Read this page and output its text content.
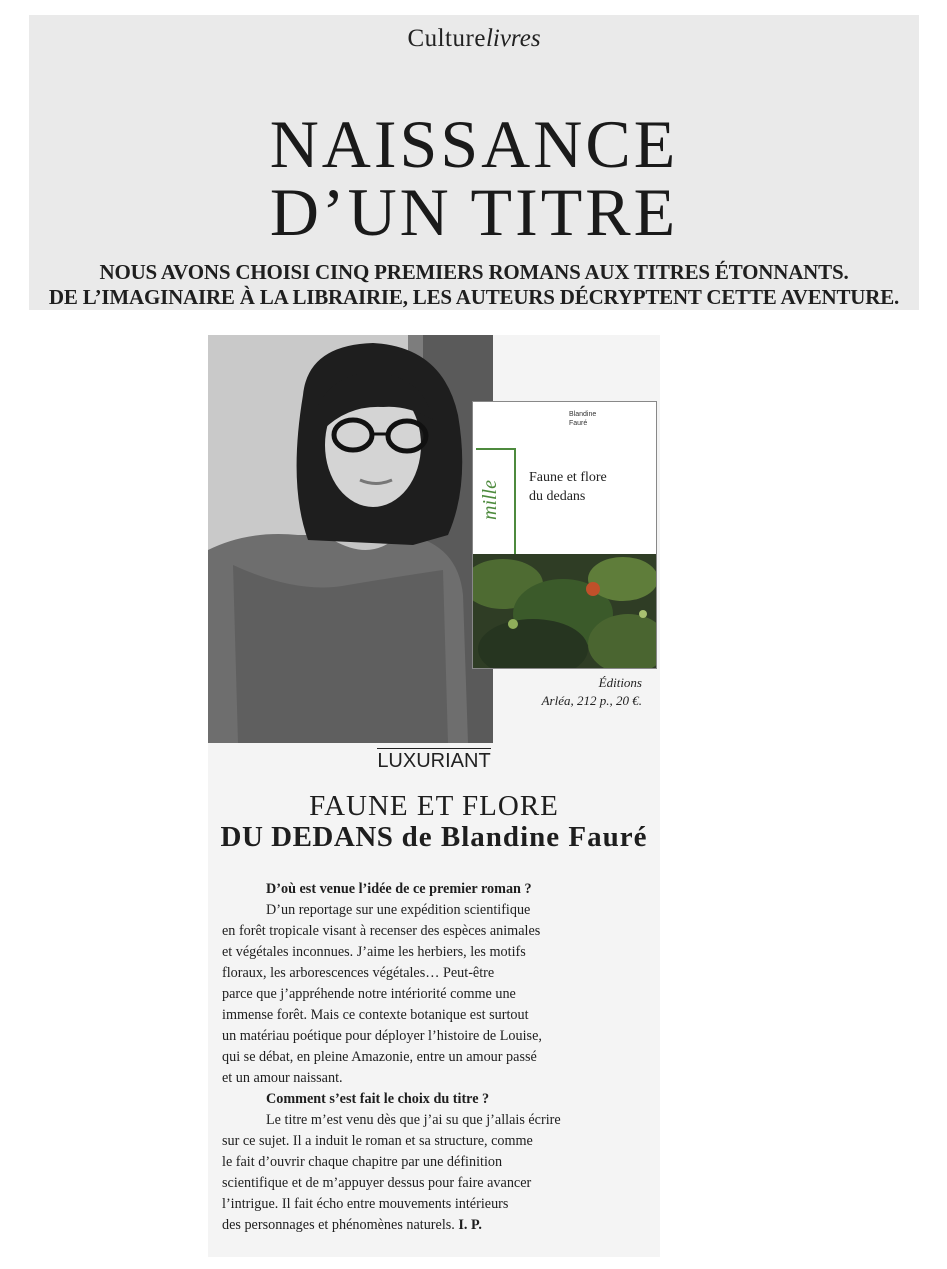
Culturelivres
NAISSANCE
D’UN TITRE
NOUS AVONS CHOISI CINQ PREMIERS ROMANS AUX TITRES ÉTONNANTS.
DE L’IMAGINAIRE À LA LIBRAIRIE, LES AUTEURS DÉCRYPTENT CETTE AVENTURE.
Blandine
Fauré
mille
Faune et flore
du dedans
Éditions
Arléa, 212 p., 20 €.
LUXURIANT
FAUNE ET FLORE
DU DEDANS de Blandine Fauré
D’où est venue l’idée de ce premier roman ?
D’un reportage sur une expédition scientifique
en forêt tropicale visant à recenser des espèces animales
et végétales inconnues. J’aime les herbiers, les motifs
floraux, les arborescences végétales… Peut-être
parce que j’appréhende notre intériorité comme une
immense forêt. Mais ce contexte botanique est surtout
un matériau poétique pour déployer l’histoire de Louise,
qui se débat, en pleine Amazonie, entre un amour passé
et un amour naissant.
Comment s’est fait le choix du titre ?
Le titre m’est venu dès que j’ai su que j’allais écrire
sur ce sujet. Il a induit le roman et sa structure, comme
le fait d’ouvrir chaque chapitre par une définition
scientifique et de m’appuyer dessus pour faire avancer
l’intrigue. Il fait écho entre mouvements intérieurs
des personnages et phénomènes naturels. I. P.
